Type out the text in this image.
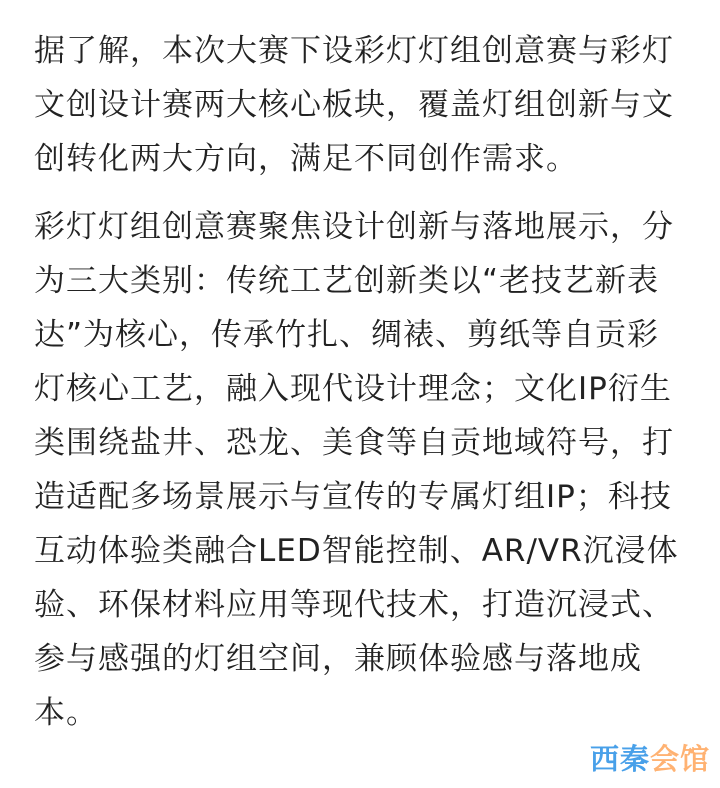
据了解，本次大赛下设彩灯灯组创意赛与彩灯
文创设计赛两大核心板块，覆盖灯组创新与文
创转化两大方向，满足不同创作需求。

彩灯灯组创意赛聚焦设计创新与落地展示，分
为三大类别：传统工艺创新类以“老技艺新表
达”为核心，传承竹扎、绸裱、剪纸等自贡彩
灯核心工艺，融入现代设计理念；文化IP衍生
类围绕盐井、恐龙、美食等自贡地域符号，打
造适配多场景展示与宣传的专属灯组IP；科技
互动体验类融合LED智能控制、AR/VR沉浸体
验、环保材料应用等现代技术，打造沉浸式、
参与感强的灯组空间，兼顾体验感与落地成
本。

西秦会馆
